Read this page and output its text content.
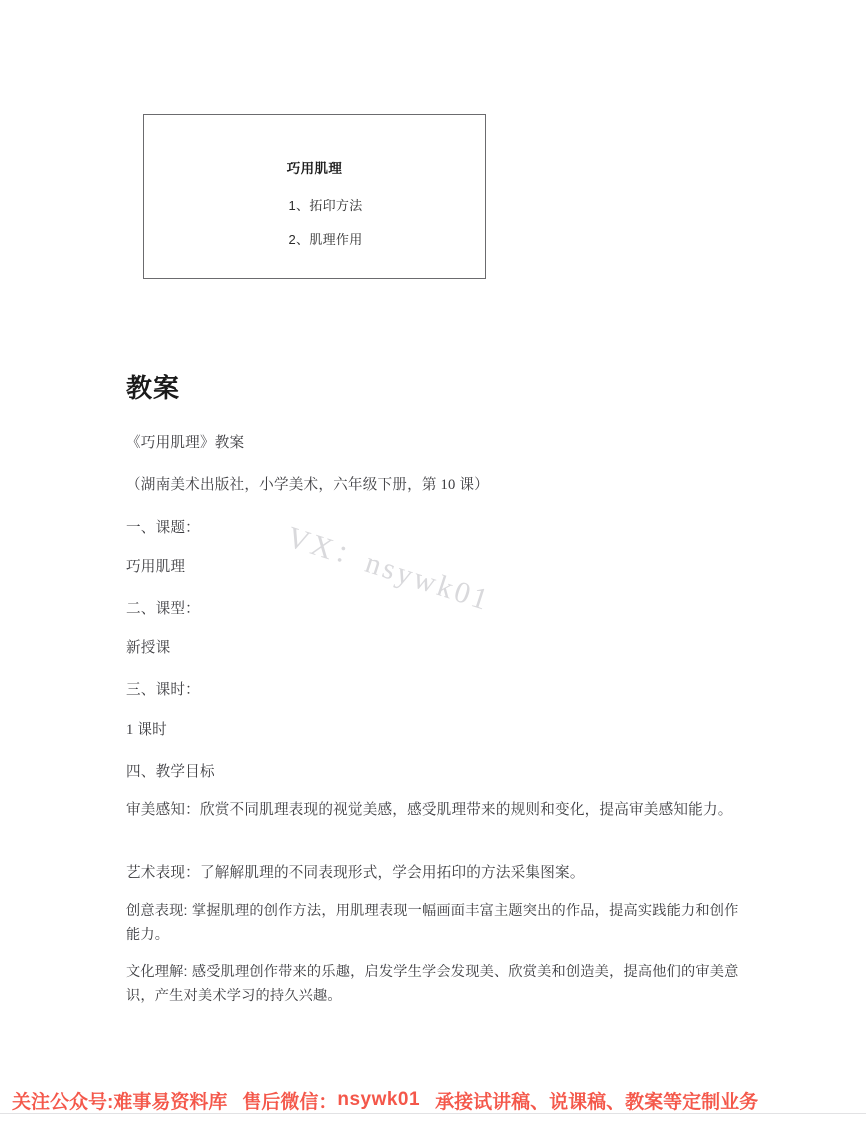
巧用肌理
1、拓印方法
2、肌理作用
教案
《巧用肌理》教案
（湖南美术出版社，小学美术，六年级下册，第 10 课）
一、课题：
巧用肌理
二、课型：
新授课
三、课时：
1 课时
四、教学目标
审美感知：欣赏不同肌理表现的视觉美感，感受肌理带来的规则和变化，提高审美感知能力。
艺术表现：了解解肌理的不同表现形式，学会用拓印的方法采集图案。
创意表现: 掌握肌理的创作方法，用肌理表现一幅画面丰富主题突出的作品，提高实践能力和创作能力。
文化理解: 感受肌理创作带来的乐趣，启发学生学会发现美、欣赏美和创造美，提高他们的审美意识，产生对美术学习的持久兴趣。
VX：nsywk01
关注公众号:难事易资料库 售后微信： nsywk01 承接试讲稿、说课稿、教案等定制业务
